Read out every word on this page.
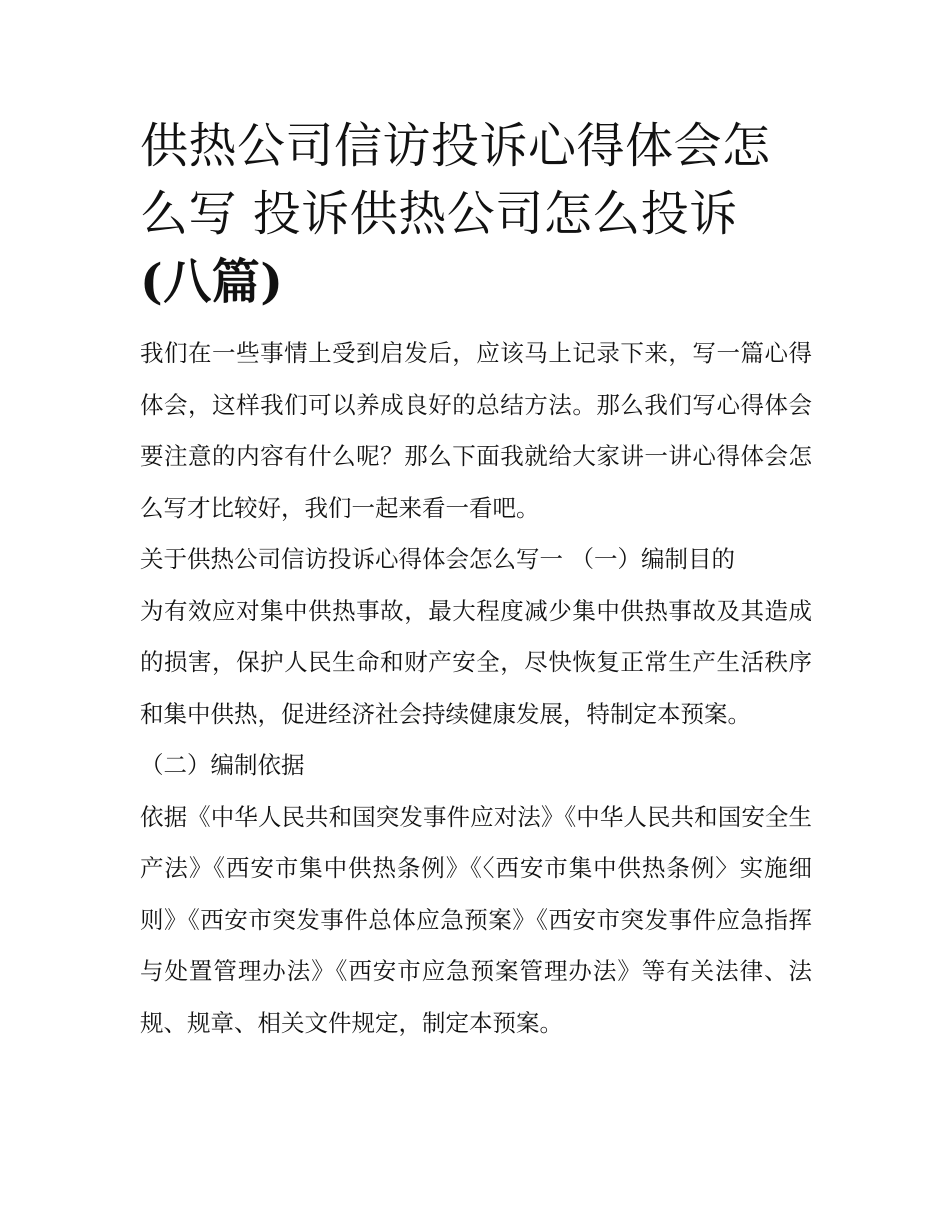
供热公司信访投诉心得体会怎
么写 投诉供热公司怎么投诉
(八篇)

我们在一些事情上受到启发后，应该马上记录下来，写一篇心得体会，这样我们可以养成良好的总结方法。那么我们写心得体会要注意的内容有什么呢？那么下面我就给大家讲一讲心得体会怎么写才比较好，我们一起来看一看吧。

关于供热公司信访投诉心得体会怎么写一 （一）编制目的

为有效应对集中供热事故，最大程度减少集中供热事故及其造成的损害，保护人民生命和财产安全，尽快恢复正常生产生活秩序和集中供热，促进经济社会持续健康发展，特制定本预案。

（二）编制依据

依据《中华人民共和国突发事件应对法》《中华人民共和国安全生产法》《西安市集中供热条例》《〈西安市集中供热条例〉实施细则》《西安市突发事件总体应急预案》《西安市突发事件应急指挥与处置管理办法》《西安市应急预案管理办法》等有关法律、法规、规章、相关文件规定，制定本预案。
